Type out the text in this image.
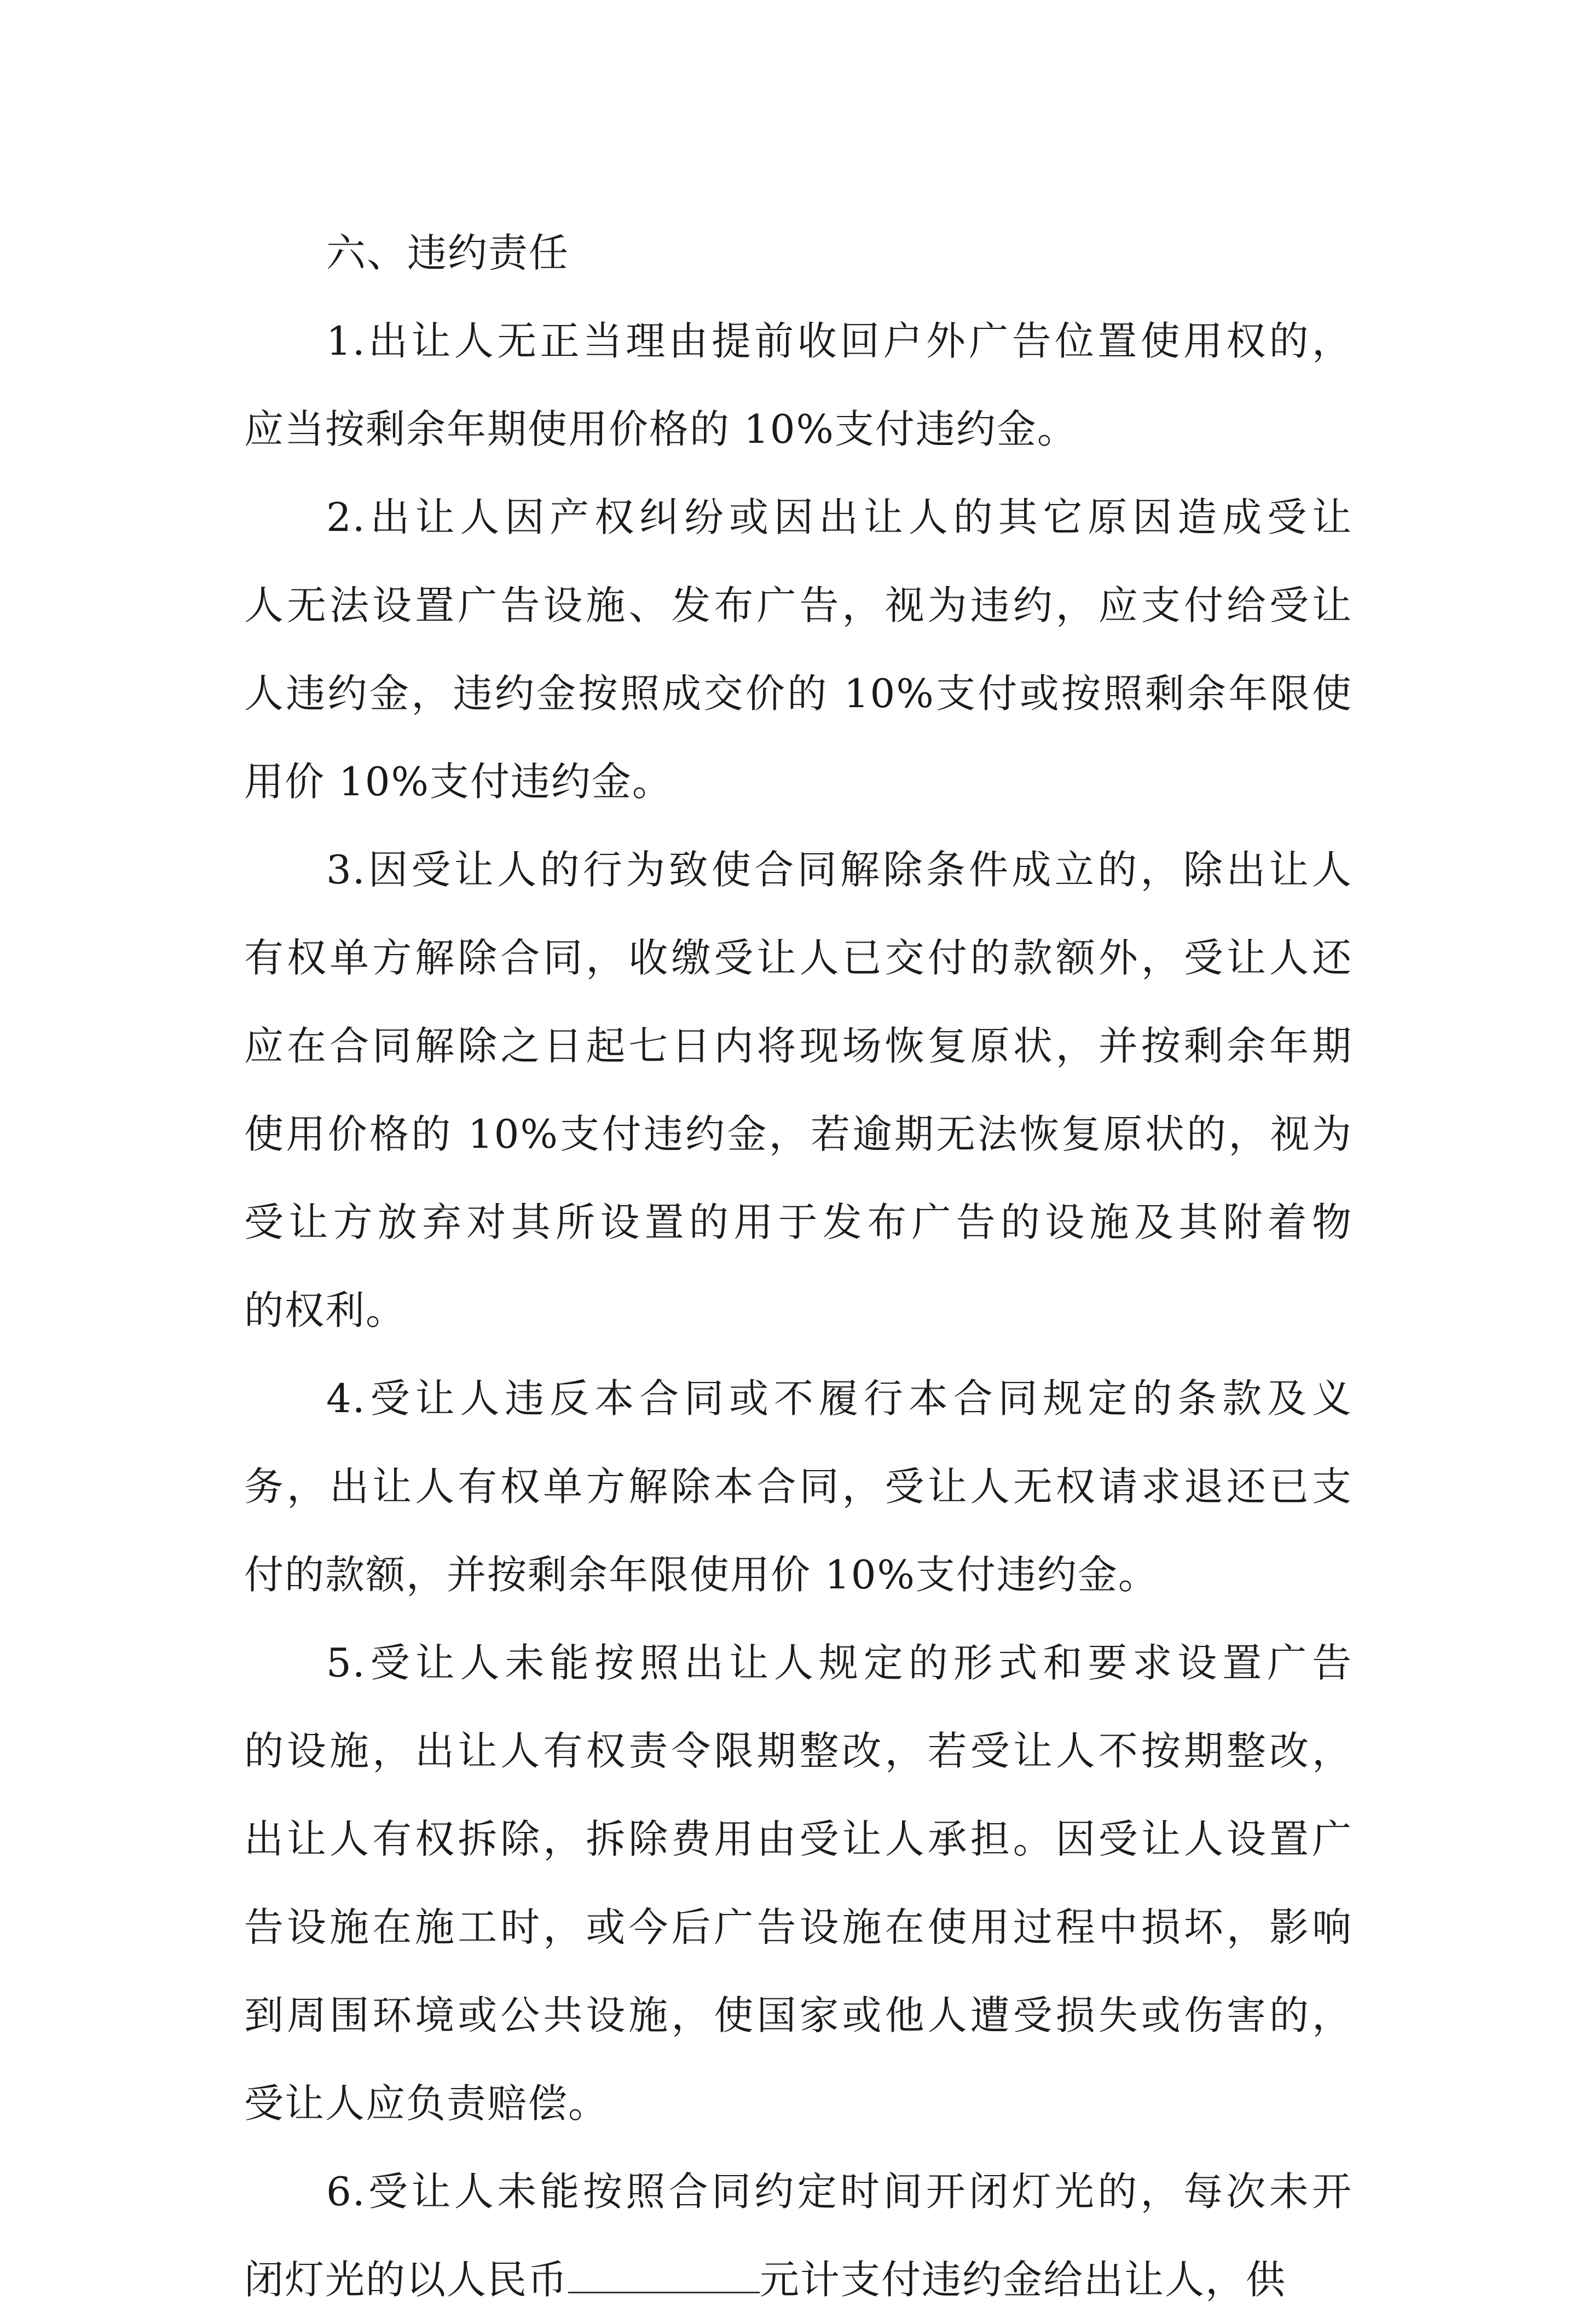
六、违约责任
1.出让人无正当理由提前收回户外广告位置使用权的，
应当按剩余年期使用价格的 10%支付违约金。
2.出让人因产权纠纷或因出让人的其它原因造成受让
人无法设置广告设施、发布广告，视为违约，应支付给受让
人违约金，违约金按照成交价的 10%支付或按照剩余年限使
用价 10%支付违约金。
3.因受让人的行为致使合同解除条件成立的，除出让人
有权单方解除合同，收缴受让人已交付的款额外，受让人还
应在合同解除之日起七日内将现场恢复原状，并按剩余年期
使用价格的 10%支付违约金，若逾期无法恢复原状的，视为
受让方放弃对其所设置的用于发布广告的设施及其附着物
的权利。
4.受让人违反本合同或不履行本合同规定的条款及义
务，出让人有权单方解除本合同，受让人无权请求退还已支
付的款额，并按剩余年限使用价 10%支付违约金。
5.受让人未能按照出让人规定的形式和要求设置广告
的设施，出让人有权责令限期整改，若受让人不按期整改，
出让人有权拆除，拆除费用由受让人承担。因受让人设置广
告设施在施工时，或今后广告设施在使用过程中损坏，影响
到周围环境或公共设施，使国家或他人遭受损失或伤害的，
受让人应负责赔偿。
6.受让人未能按照合同约定时间开闭灯光的，每次未开
闭灯光的以人民币	元计支付违约金给出让人，供
